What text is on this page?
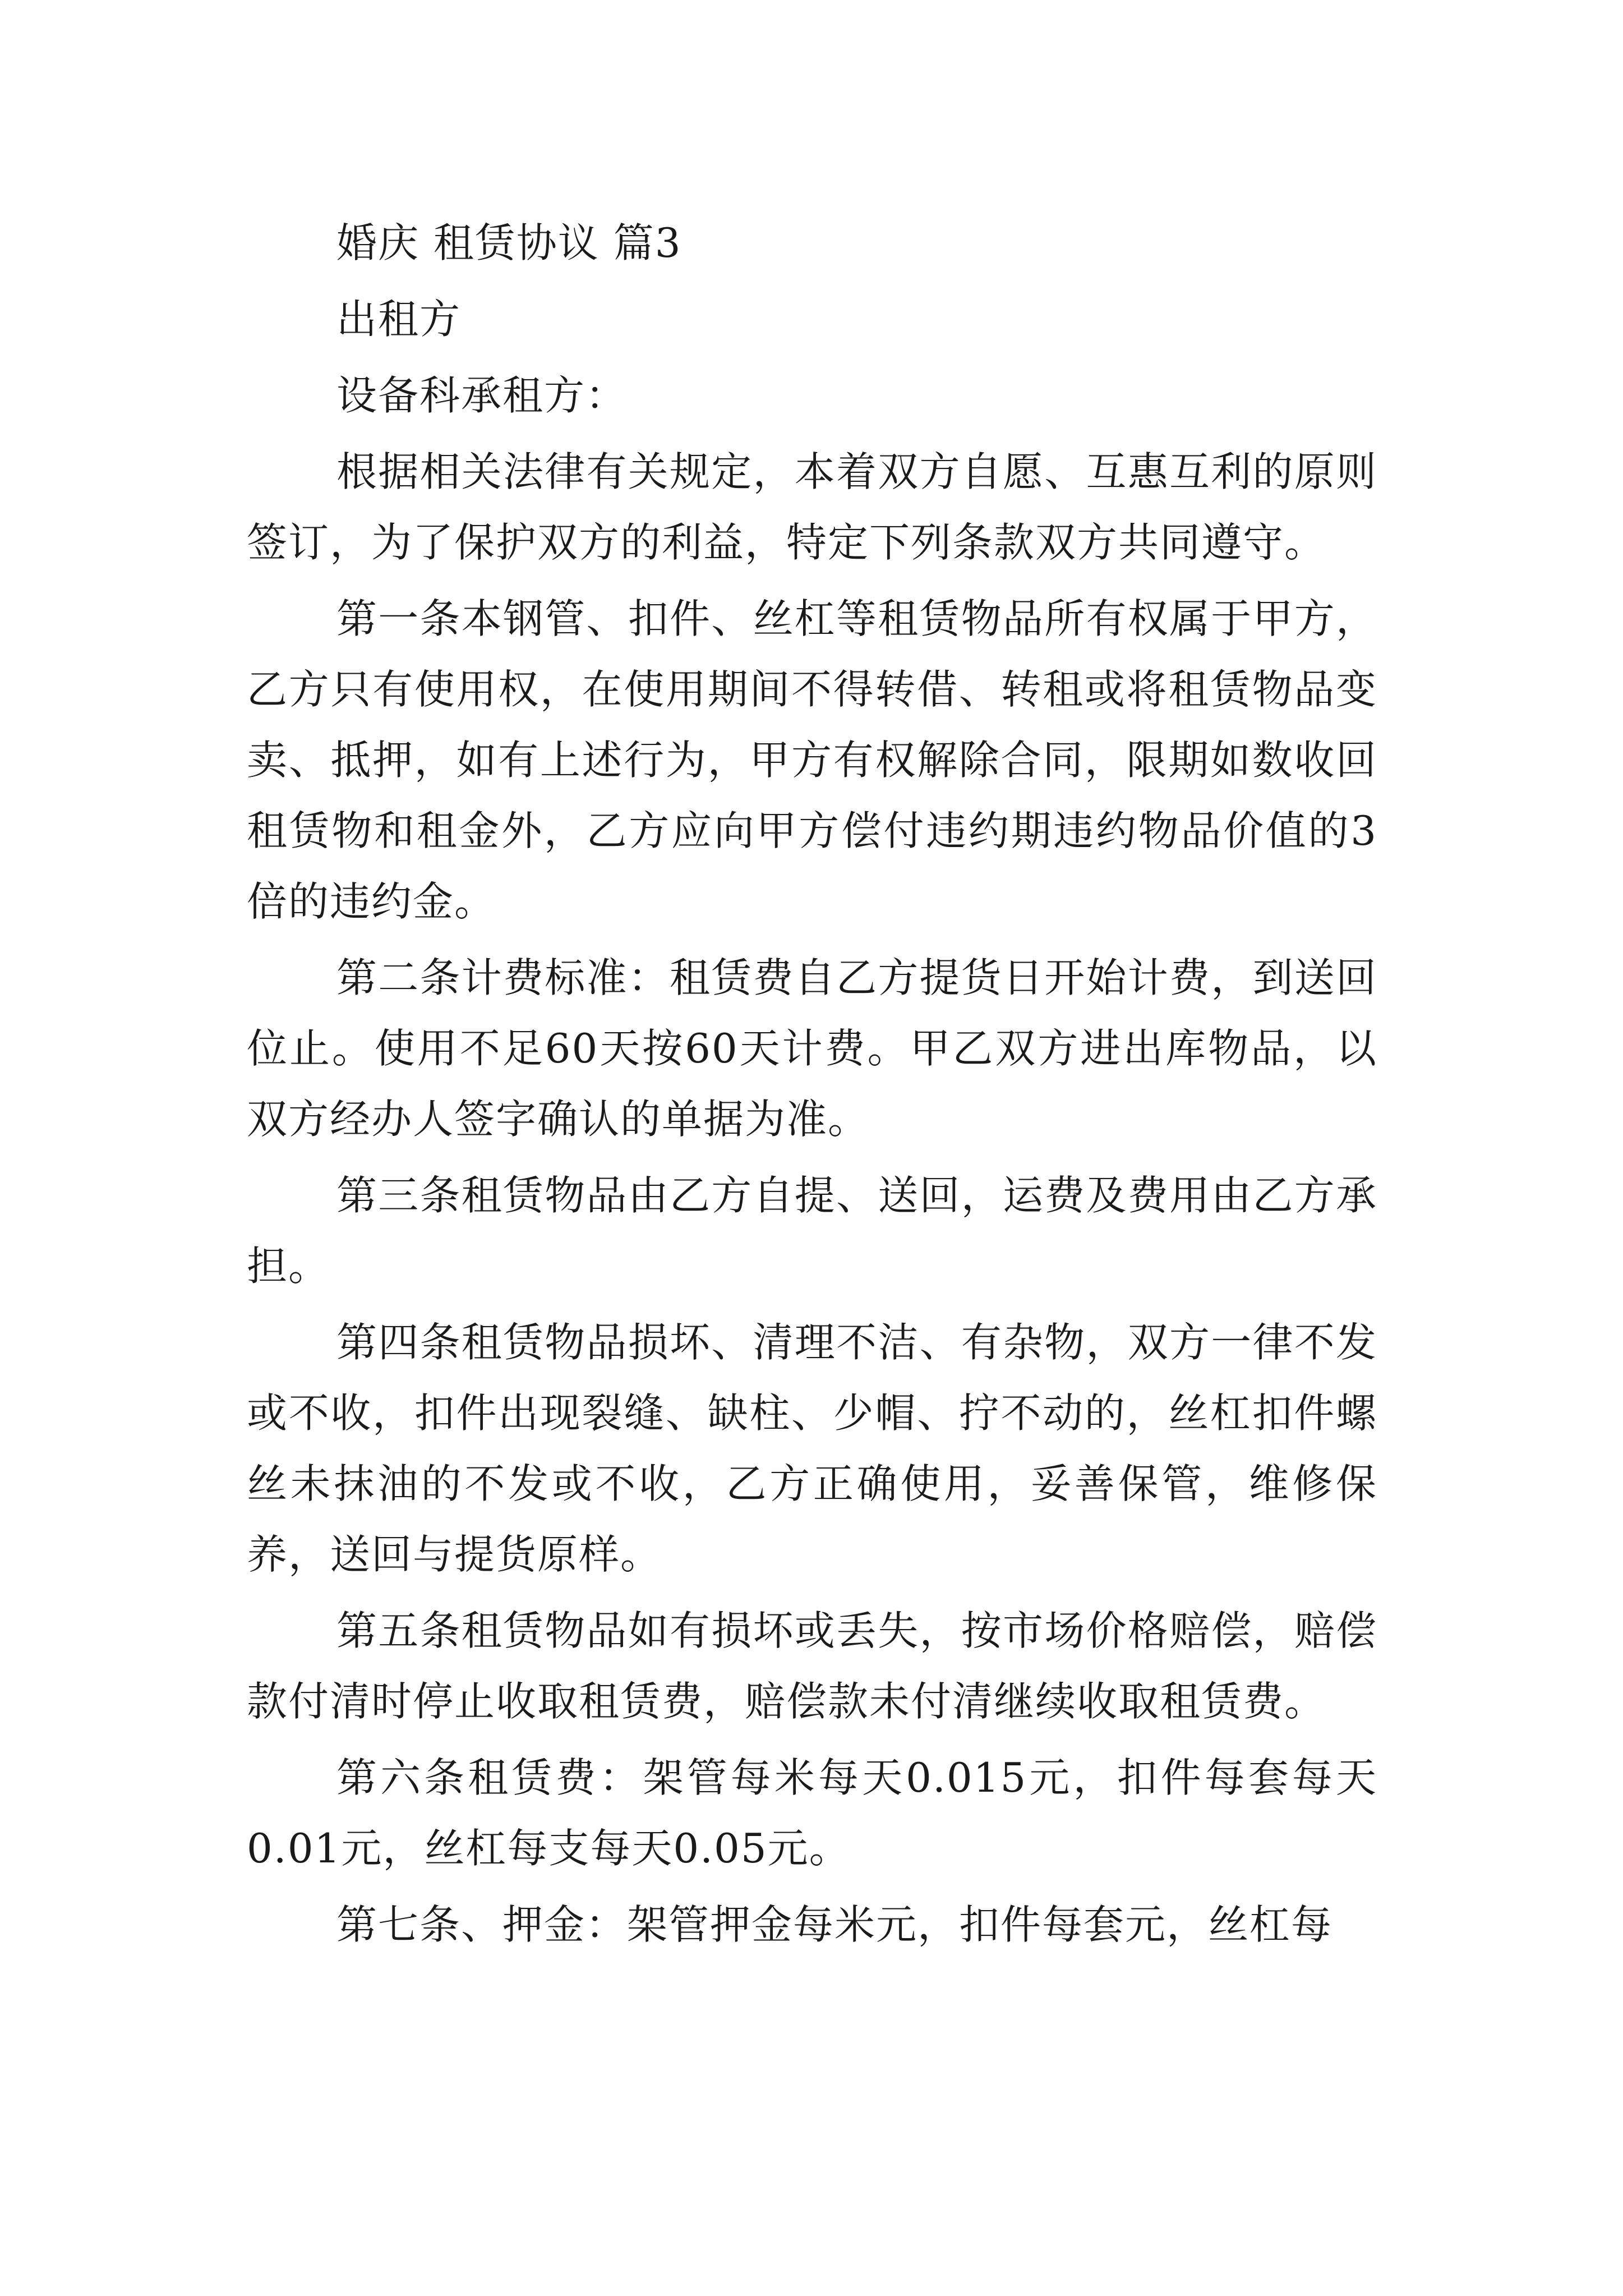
婚庆 租赁协议 篇3

出租方

设备科承租方：

根据相关法律有关规定，本着双方自愿、互惠互利的原则签订，为了保护双方的利益，特定下列条款双方共同遵守。

第一条本钢管、扣件、丝杠等租赁物品所有权属于甲方，乙方只有使用权，在使用期间不得转借、转租或将租赁物品变卖、抵押，如有上述行为，甲方有权解除合同，限期如数收回租赁物和租金外，乙方应向甲方偿付违约期违约物品价值的3倍的违约金。

第二条计费标准：租赁费自乙方提货日开始计费，到送回位止。使用不足60天按60天计费。甲乙双方进出库物品，以双方经办人签字确认的单据为准。

第三条租赁物品由乙方自提、送回，运费及费用由乙方承担。

第四条租赁物品损坏、清理不洁、有杂物，双方一律不发或不收，扣件出现裂缝、缺柱、少帽、拧不动的，丝杠扣件螺丝未抹油的不发或不收，乙方正确使用，妥善保管，维修保养，送回与提货原样。

第五条租赁物品如有损坏或丢失，按市场价格赔偿，赔偿款付清时停止收取租赁费，赔偿款未付清继续收取租赁费。

第六条租赁费：架管每米每天0.015元，扣件每套每天0.01元，丝杠每支每天0.05元。

第七条、押金：架管押金每米元，扣件每套元，丝杠每
